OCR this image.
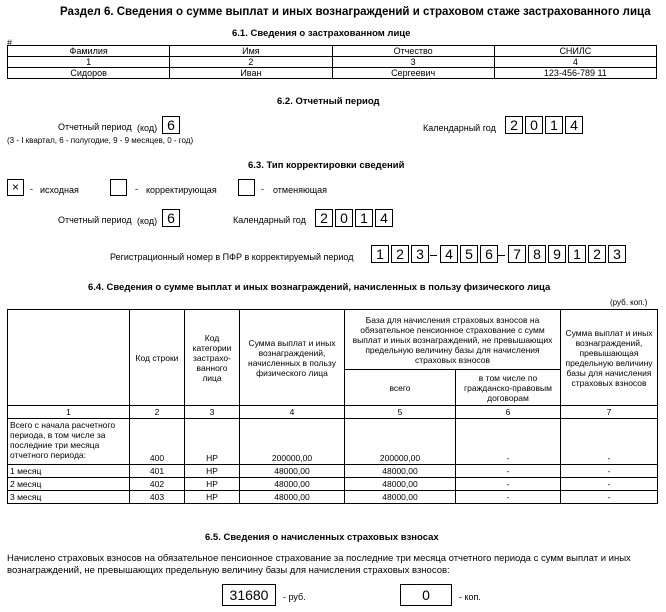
Раздел 6. Сведения о сумме выплат и иных вознаграждений и страховом стаже застрахованного лица
6.1. Сведения о застрахованном лице
#
Фамилия	Имя	Отчество	СНИЛС
1	2	3	4
Сидоров	Иван	Сергеевич	123-456-789 11
6.2. Отчетный период
Отчетный период (код) 6
(3 - I квартал, 6 - полугодие, 9 - 9 месяцев, 0 - год)
Календарный год	2 0 1 4
6.3. Тип корректировки сведений
×	- исходная	- корректирующая	- отменяющая
Отчетный период (код) 6	Календарный год	2 0 1 4
Регистрационный номер в ПФР в корректируемый период	1 2 3	4 5 6	7 8 9 1 2 3
6.4. Сведения о сумме выплат и иных вознаграждений, начисленных в пользу физического лица
(руб. коп.)
	Код строки	Код категории застрахо-ванного лица	Сумма выплат и иных вознаграждений, начисленных в пользу физического лица	База для начисления страховых взносов на обязательное пенсионное страхование с сумм выплат и иных вознаграждений, не превышающих предельную величину базы для начисления страховых взносов		Сумма выплат и иных вознаграждений, превышающая предельную величину базы для начисления страховых взносов
				всего	в том числе по гражданско-правовым договорам	
1	2	3	4	5	6	7
Всего с начала расчетного периода, в том числе за последние три месяца отчетного периода:	400	НР	200000,00	200000,00	-	-
1 месяц	401	НР	48000,00	48000,00	-	-
2 месяц	402	НР	48000,00	48000,00	-	-
3 месяц	403	НР	48000,00	48000,00	-	-
6.5. Сведения о начисленных страховых взносах
Начислено страховых взносов на обязательное пенсионное страхование за последние три месяца отчетного периода с сумм выплат и иных вознаграждений, не превышающих предельную величину базы для начисления страховых взносов:
31680	- руб.	0	- коп.
